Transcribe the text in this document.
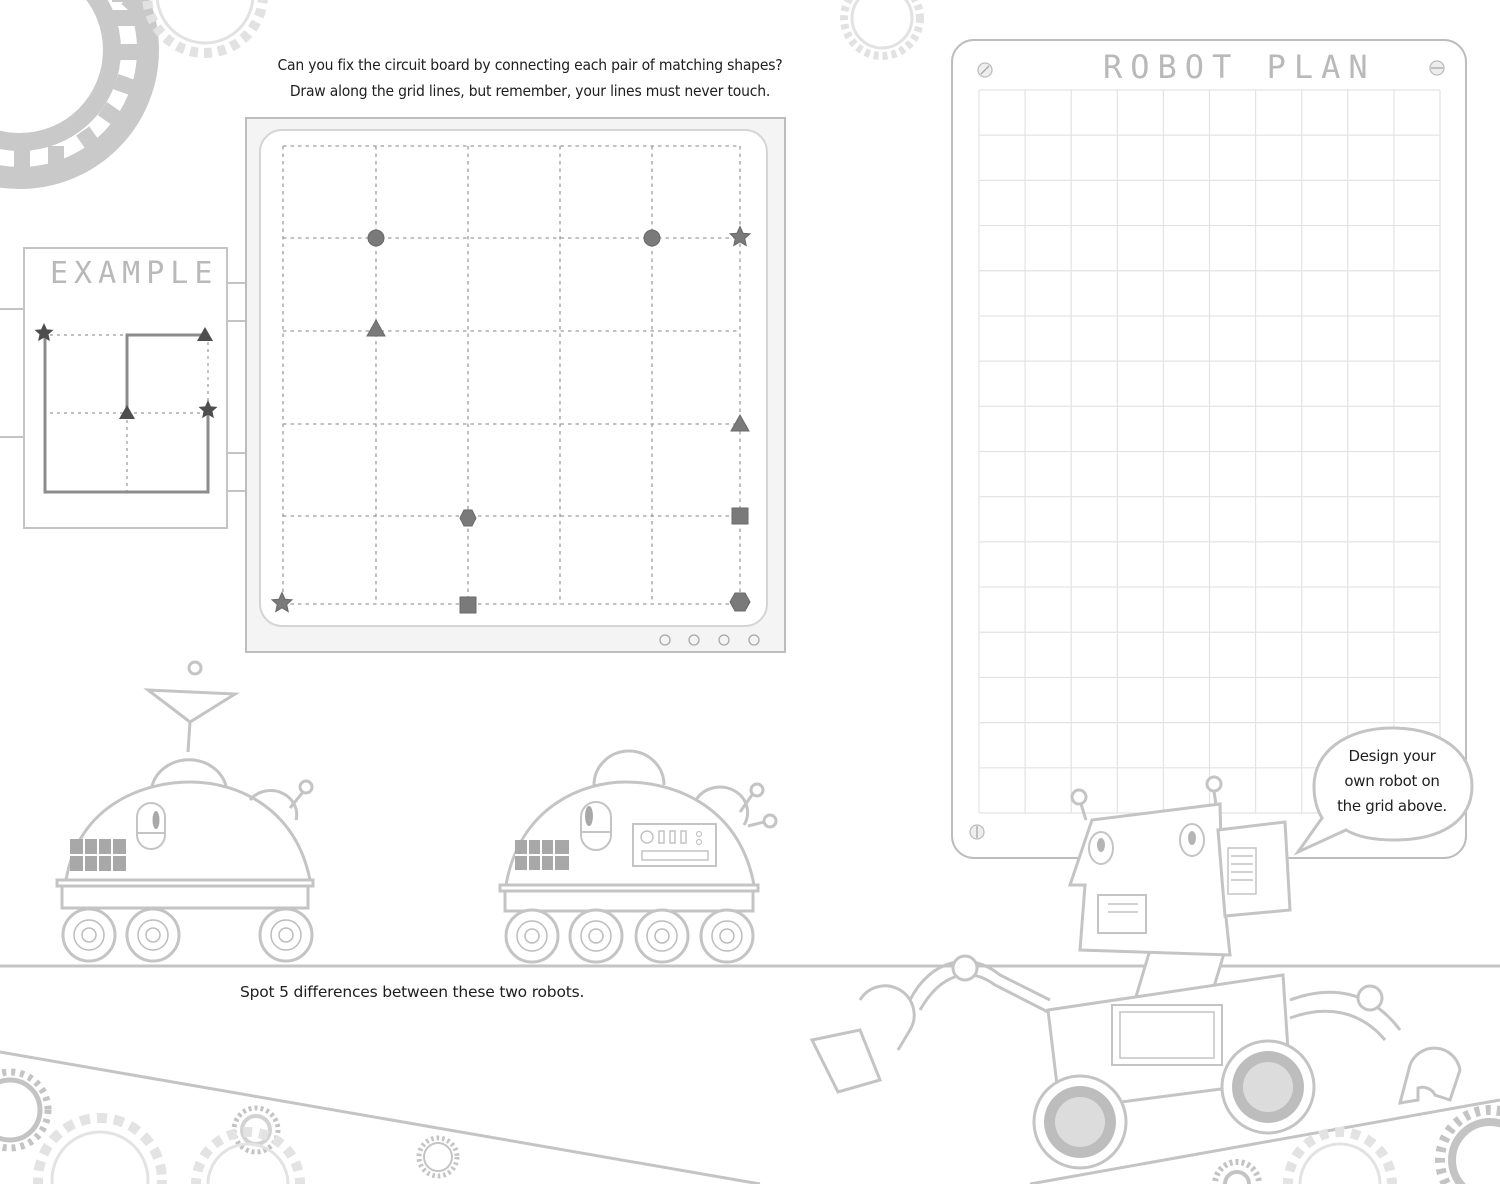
Can you fix the circuit board by connecting each pair of matching shapes?
Draw along the grid lines, but remember, your lines must never touch.
EXAMPLE
ROBOT PLAN
Spot 5 differences between these two robots.
Design your
own robot on
the grid above.
